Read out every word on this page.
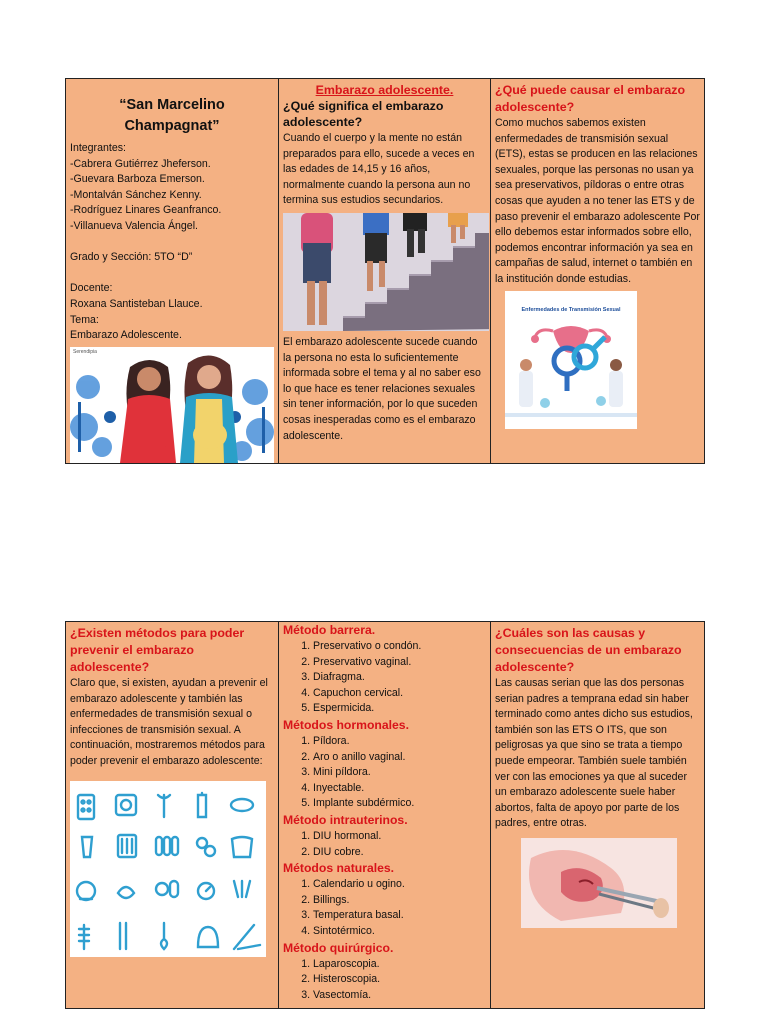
“San Marcelino
Champagnat”
Integrantes:
-Cabrera Gutiérrez Jheferson.
-Guevara Barboza Emerson.
-Montalván Sánchez Kenny.
-Rodríguez Linares Geanfranco.
-Villanueva Valencia Ángel.
Grado y Sección: 5TO “D”
Docente:
Roxana Santisteban Llauce.
Tema:
Embarazo Adolescente.
Serendipia
Embarazo adolescente.
¿Qué significa el embarazo adolescente?
Cuando el cuerpo y la mente no están preparados para ello, sucede a veces en las edades de 14,15 y 16 años, normalmente cuando la persona aun no termina sus estudios secundarios.
El embarazo adolescente sucede cuando la persona no esta lo suficientemente informada sobre el tema y al no saber eso lo que hace es tener relaciones sexuales sin tener información, por lo que suceden cosas inesperadas como es el embarazo adolescente.
¿Qué puede causar el embarazo adolescente?
Como muchos sabemos existen enfermedades de transmisión sexual (ETS), estas se producen en las relaciones sexuales, porque las personas no usan ya sea preservativos, píldoras o entre otras cosas que ayuden a no tener las ETS y de paso prevenir el embarazo adolescente Por ello debemos estar informados sobre ello, podemos encontrar información ya sea en campañas de salud, internet o también en la institución donde estudias.
Enfermedades de Transmisión Sexual
¿Existen métodos para poder prevenir el embarazo adolescente?
Claro que, si existen, ayudan a prevenir el embarazo adolescente y también las enfermedades de transmisión sexual o infecciones de transmisión sexual. A continuación, mostraremos métodos para poder prevenir el embarazo adolescente:
Método barrera.
1. Preservativo o condón.
2. Preservativo vaginal.
3. Diafragma.
4. Capuchon cervical.
5. Espermicida.
Métodos hormonales.
1. Píldora.
2. Aro o anillo vaginal.
3. Mini píldora.
4. Inyectable.
5. Implante subdérmico.
Método intrauterinos.
1. DIU hormonal.
2. DIU cobre.
Métodos naturales.
1. Calendario u ogino.
2. Billings.
3. Temperatura basal.
4. Sintotérmico.
Método quirúrgico.
1. Laparoscopia.
2. Histeroscopia.
3. Vasectomía.
¿Cuáles son las causas y consecuencias de un embarazo adolescente?
Las causas serian que las dos personas serian padres a temprana edad sin haber terminado como antes dicho sus estudios, también son las ETS O ITS, que son peligrosas ya que sino se trata a tiempo puede empeorar. También suele también ver con las emociones ya que al suceder un embarazo adolescente suele haber abortos, falta de apoyo por parte de los padres, entre otras.
